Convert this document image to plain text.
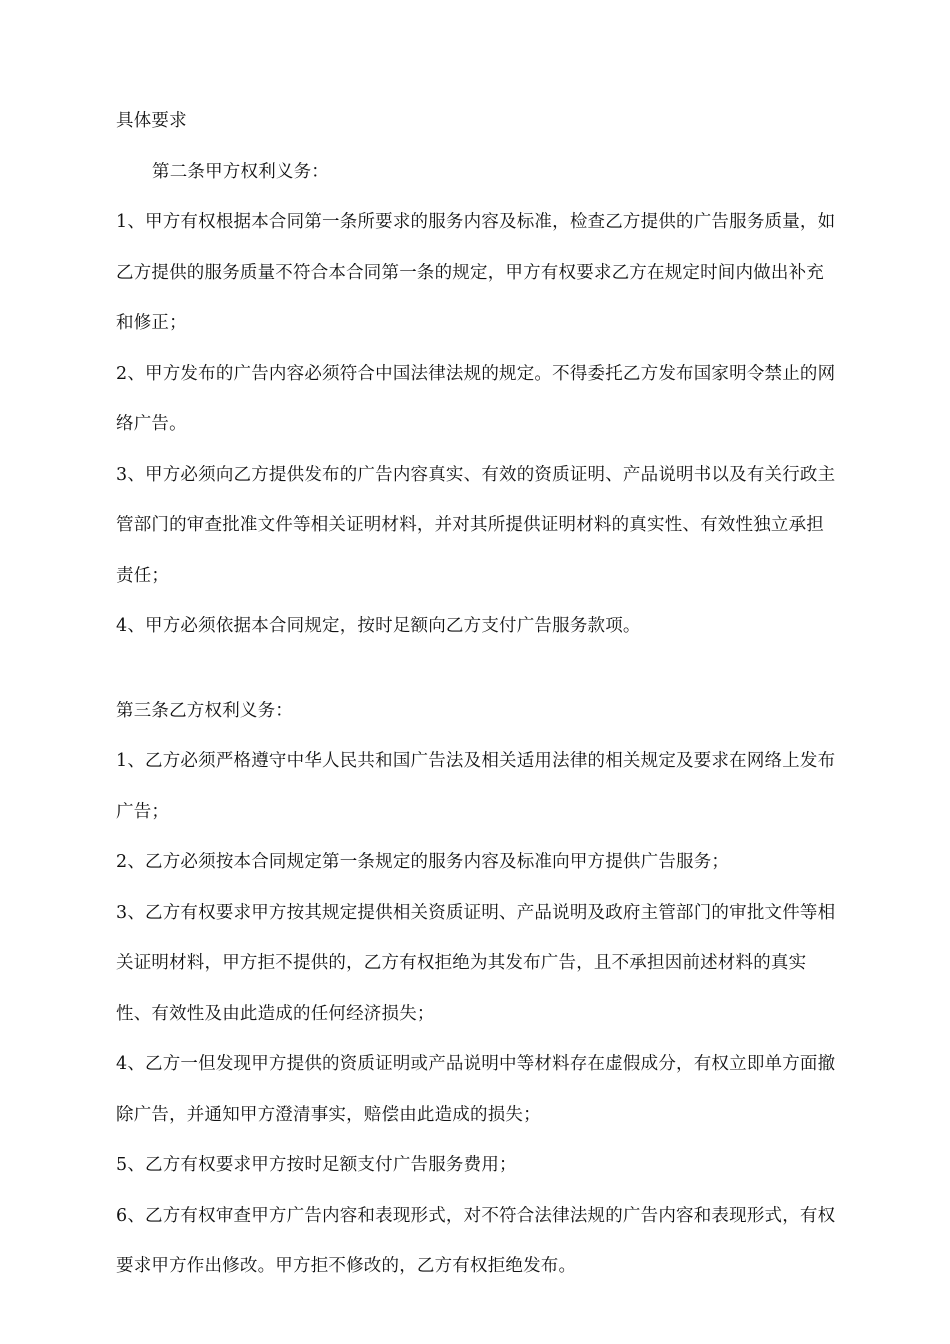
具体要求

第二条甲方权利义务：

1、甲方有权根据本合同第一条所要求的服务内容及标准，检查乙方提供的广告服务质量，如乙方提供的服务质量不符合本合同第一条的规定，甲方有权要求乙方在规定时间内做出补充和修正；

2、甲方发布的广告内容必须符合中国法律法规的规定。不得委托乙方发布国家明令禁止的网络广告。

3、甲方必须向乙方提供发布的广告内容真实、有效的资质证明、产品说明书以及有关行政主管部门的审查批准文件等相关证明材料，并对其所提供证明材料的真实性、有效性独立承担责任；

4、甲方必须依据本合同规定，按时足额向乙方支付广告服务款项。

第三条乙方权利义务：

1、乙方必须严格遵守中华人民共和国广告法及相关适用法律的相关规定及要求在网络上发布广告；

2、乙方必须按本合同规定第一条规定的服务内容及标准向甲方提供广告服务；

3、乙方有权要求甲方按其规定提供相关资质证明、产品说明及政府主管部门的审批文件等相关证明材料，甲方拒不提供的，乙方有权拒绝为其发布广告，且不承担因前述材料的真实性、有效性及由此造成的任何经济损失；

4、乙方一但发现甲方提供的资质证明或产品说明中等材料存在虚假成分，有权立即单方面撤除广告，并通知甲方澄清事实，赔偿由此造成的损失；

5、乙方有权要求甲方按时足额支付广告服务费用；

6、乙方有权审查甲方广告内容和表现形式，对不符合法律法规的广告内容和表现形式，有权要求甲方作出修改。甲方拒不修改的，乙方有权拒绝发布。
